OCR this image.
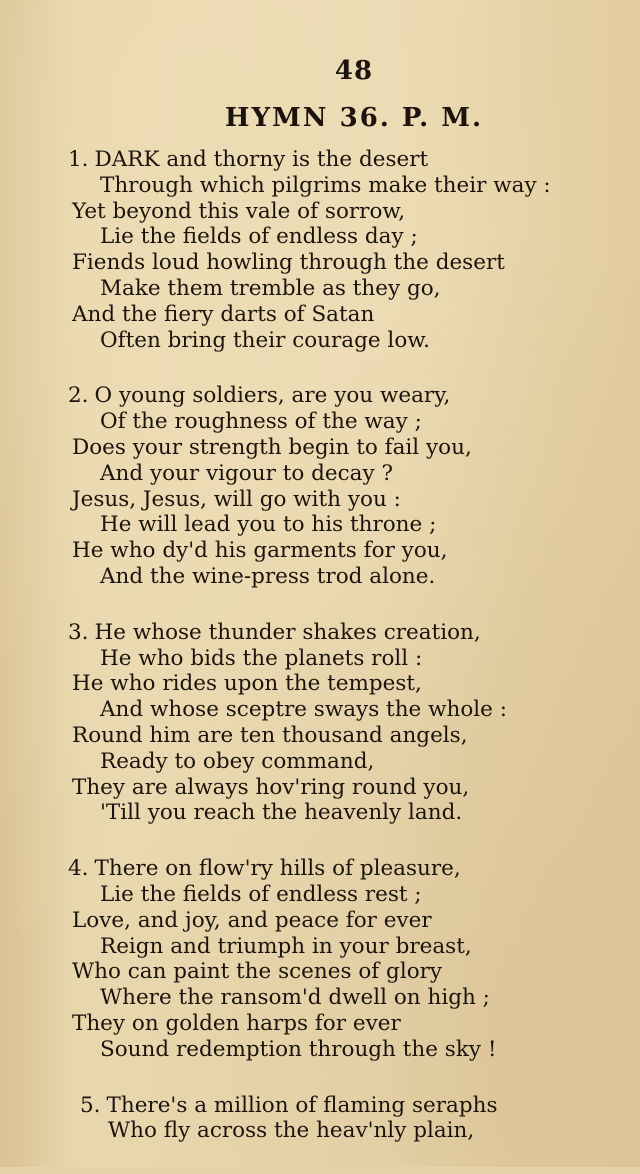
48
HYMN 36. P. M.
1. DARK and thorny is the desert
Through which pilgrims make their way :
Yet beyond this vale of sorrow,
Lie the fields of endless day ;
Fiends loud howling through the desert
Make them tremble as they go,
And the fiery darts of Satan
Often bring their courage low.
2. O young soldiers, are you weary,
Of the roughness of the way ;
Does your strength begin to fail you,
And your vigour to decay ?
Jesus, Jesus, will go with you :
He will lead you to his throne ;
He who dy'd his garments for you,
And the wine-press trod alone.
3. He whose thunder shakes creation,
He who bids the planets roll :
He who rides upon the tempest,
And whose sceptre sways the whole :
Round him are ten thousand angels,
Ready to obey command,
They are always hov'ring round you,
'Till you reach the heavenly land.
4. There on flow'ry hills of pleasure,
Lie the fields of endless rest ;
Love, and joy, and peace for ever
Reign and triumph in your breast,
Who can paint the scenes of glory
Where the ransom'd dwell on high ;
They on golden harps for ever
Sound redemption through the sky !
5. There's a million of flaming seraphs
Who fly across the heav'nly plain,
